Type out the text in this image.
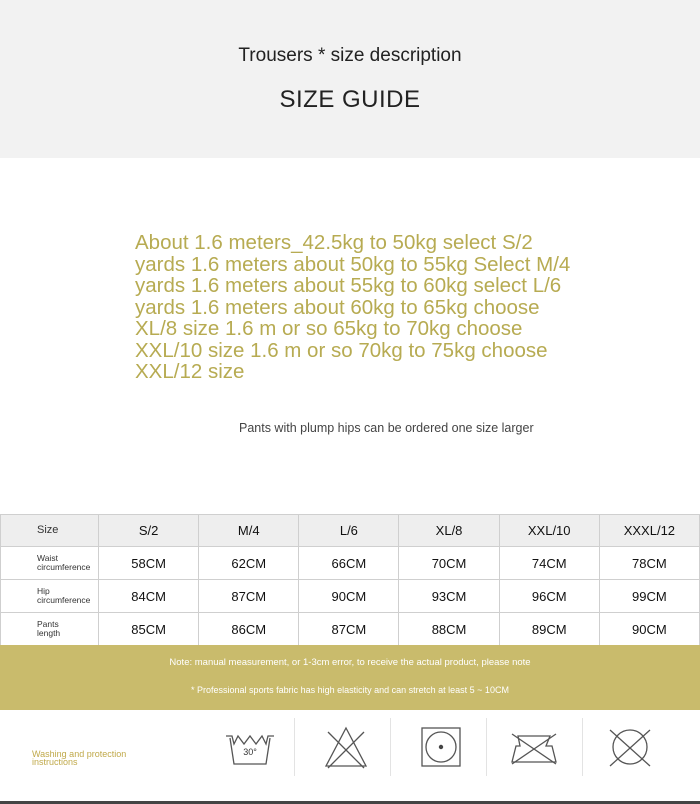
Trousers * size description
SIZE GUIDE
About 1.6 meters_42.5kg to 50kg select S/2 yards 1.6 meters about 50kg to 55kg Select M/4 yards 1.6 meters about 55kg to 60kg select L/6 yards 1.6 meters about 60kg to 65kg choose XL/8 size 1.6 m or so 65kg to 70kg choose XXL/10 size 1.6 m or so 70kg to 75kg choose XXL/12 size
Pants with plump hips can be ordered one size larger
Size	S/2	M/4	L/6	XL/8	XXL/10	XXXL/12

Waist
circumference	58CM	62CM	66CM	70CM	74CM	78CM

Hip
circumference	84CM	87CM	90CM	93CM	96CM	99CM

Pants
length	85CM	86CM	87CM	88CM	89CM	90CM
Note: manual measurement, or 1-3cm error, to receive the actual product, please note
* Professional sports fabric has high elasticity and can stretch at least 5 ~ 10CM
Washing and protection
instructions
30°
